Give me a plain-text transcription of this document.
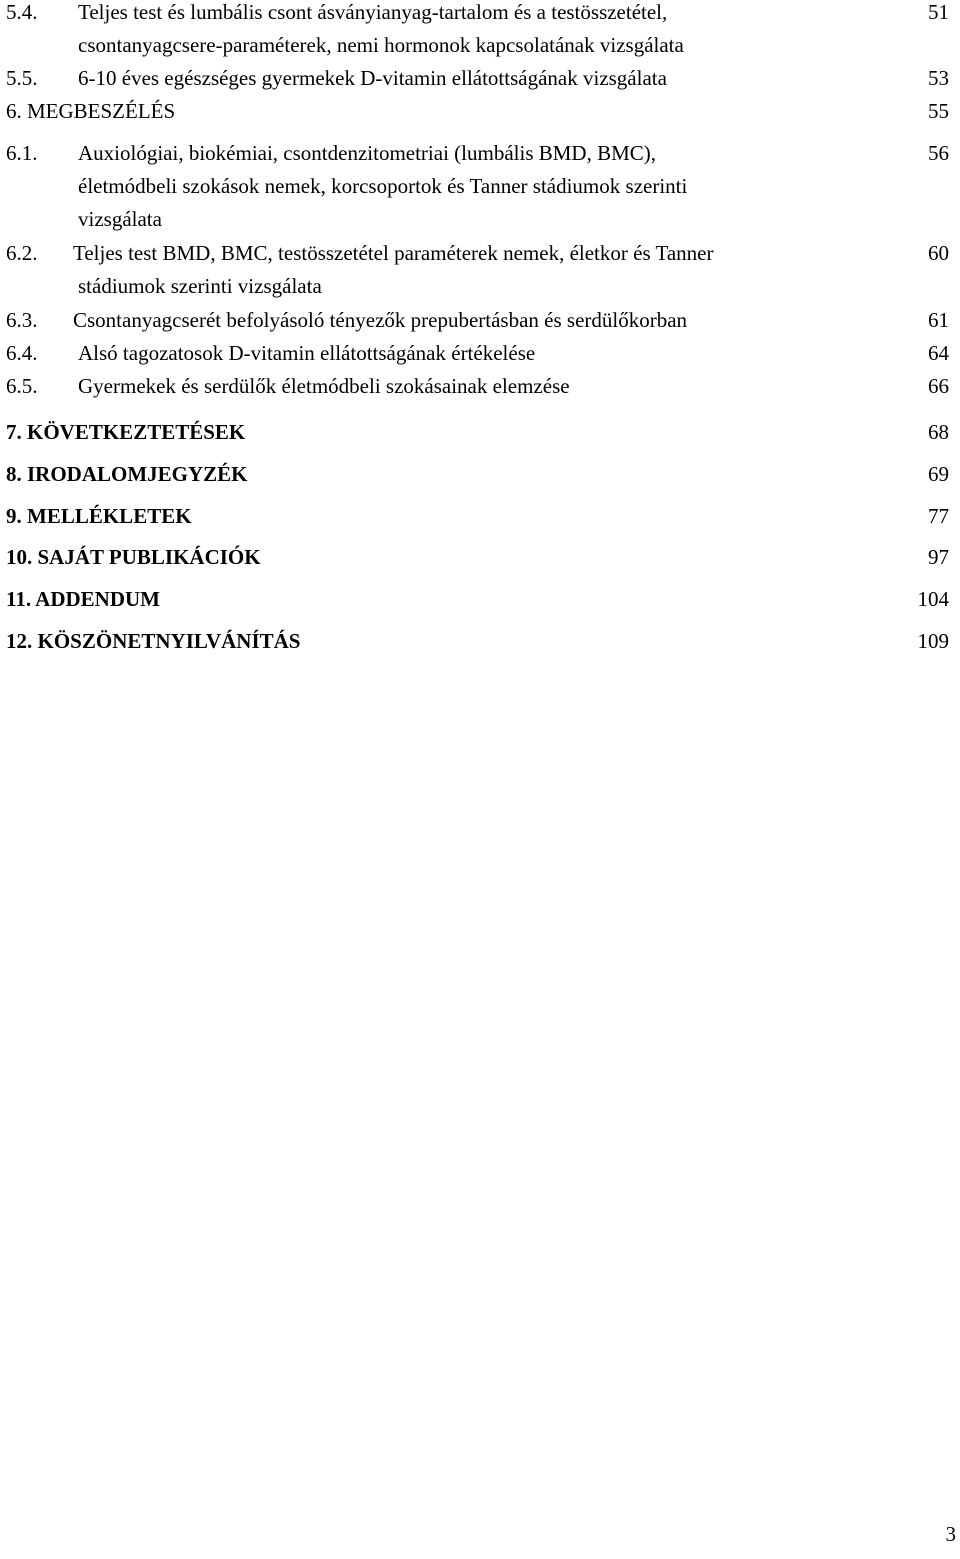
5.4. Teljes test és lumbális csont ásványianyag-tartalom és a testösszetétel,	51
csontanyagcsere-paraméterek, nemi hormonok kapcsolatának vizsgálata
5.5. 6-10 éves egészséges gyermekek D-vitamin ellátottságának vizsgálata	53
6. MEGBESZÉLÉS	55
6.1. Auxiológiai, biokémiai, csontdenzitometriai (lumbális BMD, BMC),	56
életmódbeli szokások nemek, korcsoportok és Tanner stádiumok szerinti
vizsgálata
6.2. Teljes test BMD, BMC, testösszetétel paraméterek nemek, életkor és Tanner	60
stádiumok szerinti vizsgálata
6.3. Csontanyagcserét befolyásoló tényezők prepubertásban és serdülőkorban	61
6.4. Alsó tagozatosok D-vitamin ellátottságának értékelése	64
6.5. Gyermekek és serdülők életmódbeli szokásainak elemzése	66
7. KÖVETKEZTETÉSEK	68
8. IRODALOMJEGYZÉK	69
9. MELLÉKLETEK	77
10. SAJÁT PUBLIKÁCIÓK	97
11. ADDENDUM	104
12. KÖSZÖNETNYILVÁNÍTÁS	109
3
